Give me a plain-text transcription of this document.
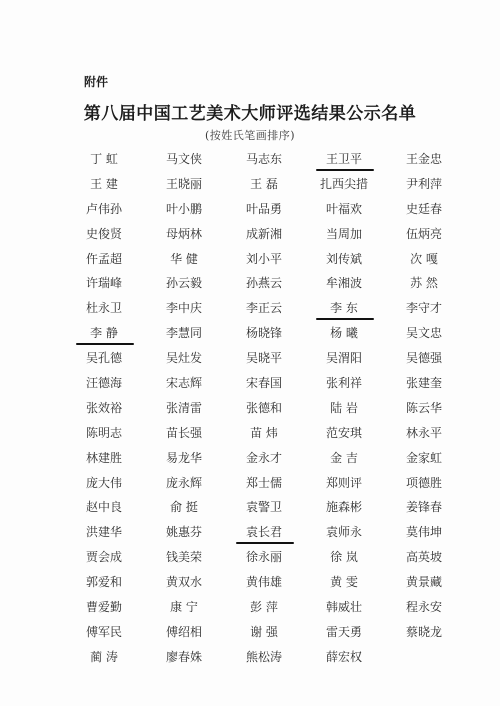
附件
第八届中国工艺美术大师评选结果公示名单
(按姓氏笔画排序)
丁 虹	马文侠	马志东	王卫平	王金忠
王 建	王晓丽	王 磊	扎西尖措	尹利萍
卢伟孙	叶小鹏	叶品勇	叶福欢	史廷春
史俊贤	母炳林	成新湘	当周加	伍炳亮
仵孟超	华 健	刘小平	刘传斌	次 嘎
许瑞峰	孙云毅	孙燕云	牟湘波	苏 然
杜永卫	李中庆	李正云	李 东	李守才
李 静	李慧同	杨晓锋	杨 曦	吴文忠
吴孔德	吴灶发	吴晓平	吴渭阳	吴德强
汪德海	宋志辉	宋春国	张利祥	张建奎
张效裕	张清雷	张德和	陆 岩	陈云华
陈明志	苗长强	苗 炜	范安琪	林永平
林建胜	易龙华	金永才	金 吉	金家虹
庞大伟	庞永辉	郑士儒	郑则评	项德胜
赵中良	俞 挺	袁警卫	施森彬	姜锋春
洪建华	姚惠芬	袁长君	袁师永	莫伟坤
贾会成	钱美荣	徐永丽	徐 岚	高英坡
郭爱和	黄双水	黄伟雄	黄 雯	黄景藏
曹爱勤	康 宁	彭 萍	韩威壮	程永安
傅军民	傅绍相	谢 强	雷天勇	蔡晓龙
蔺 涛	廖春姝	熊松涛	薛宏权
